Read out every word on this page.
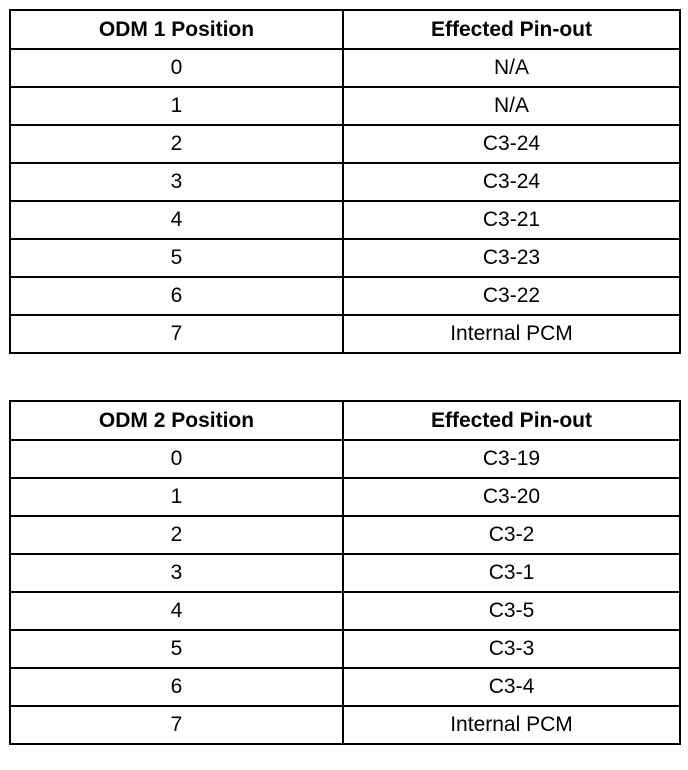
ODM 1 Position	Effected Pin-out
0	N/A
1	N/A
2	C3-24
3	C3-24
4	C3-21
5	C3-23
6	C3-22
7	Internal PCM
ODM 2 Position	Effected Pin-out
0	C3-19
1	C3-20
2	C3-2
3	C3-1
4	C3-5
5	C3-3
6	C3-4
7	Internal PCM
